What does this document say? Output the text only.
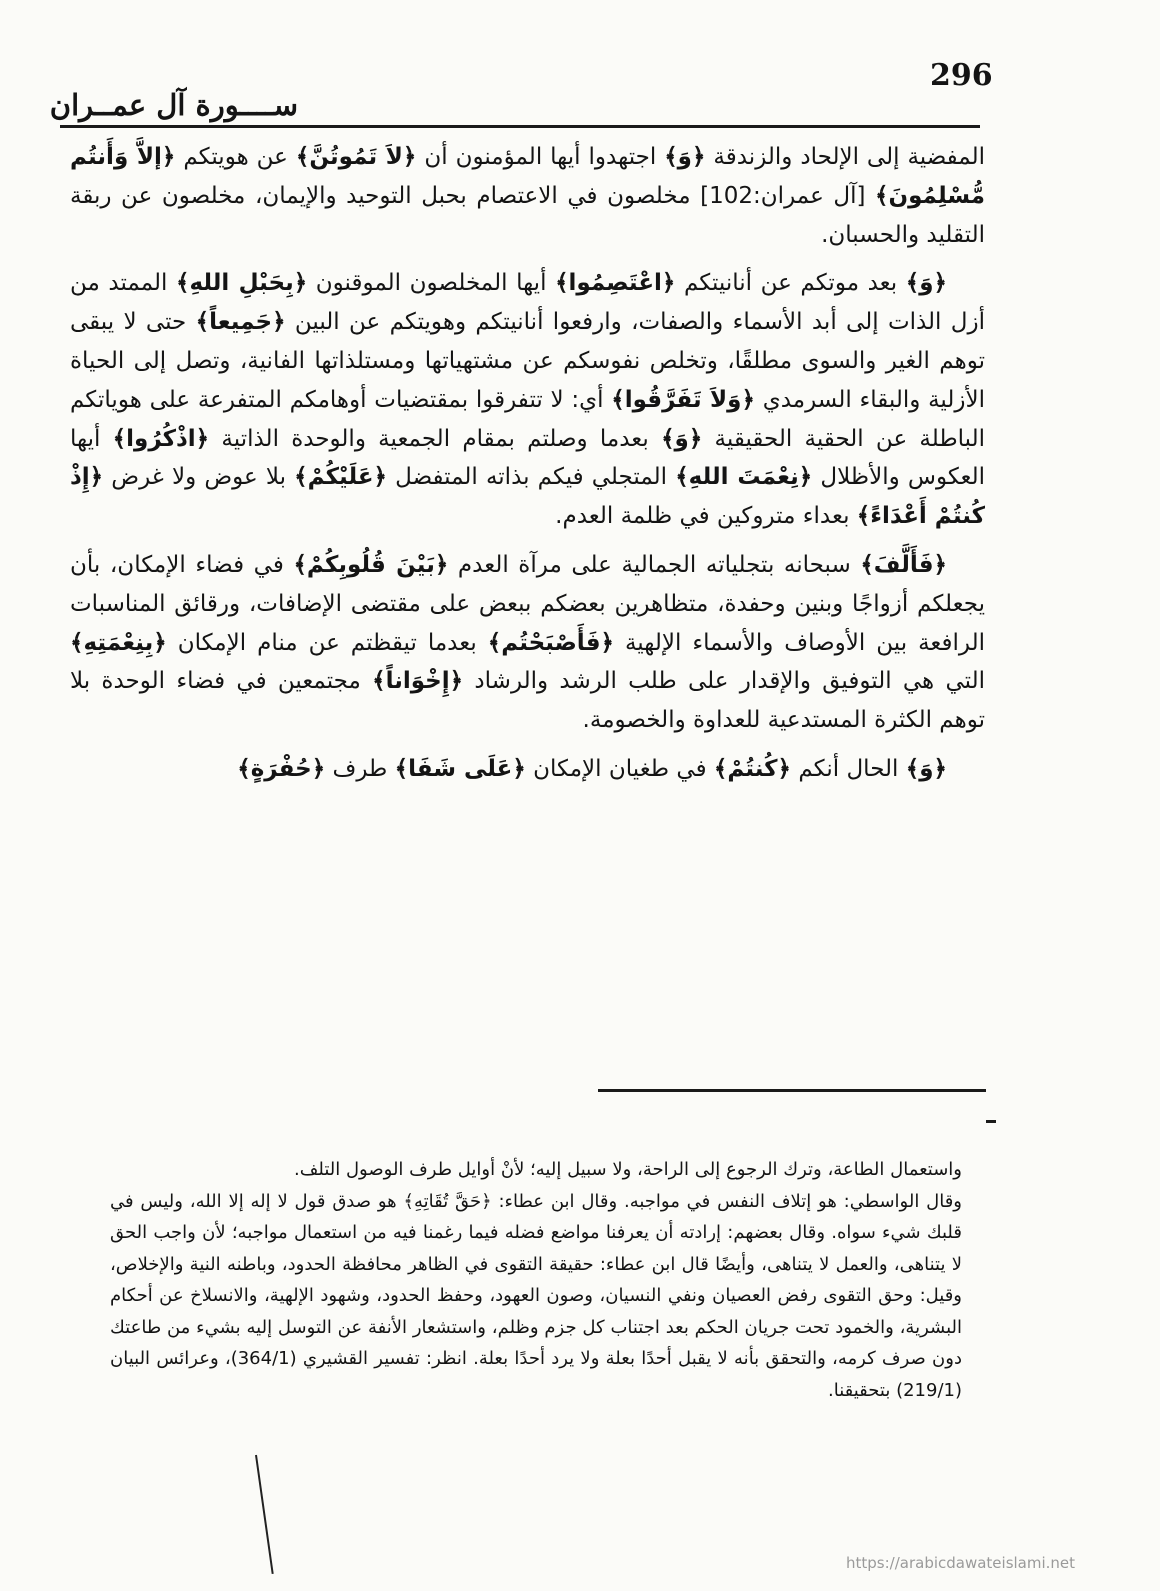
296
ســــورة آل عمــران

المفضية إلى الإلحاد والزندقة ﴿وَ﴾ اجتهدوا أيها المؤمنون أن ﴿لاَ تَمُوتُنَّ﴾ عن هويتكم ﴿إلاَّ وَأَنتُم مُّسْلِمُونَ﴾ [آل عمران:102] مخلصون في الاعتصام بحبل التوحيد والإيمان، مخلصون عن ربقة التقليد والحسبان.

﴿وَ﴾ بعد موتكم عن أنانيتكم ﴿اعْتَصِمُوا﴾ أيها المخلصون الموقنون ﴿بِحَبْلِ اللهِ﴾ الممتد من أزل الذات إلى أبد الأسماء والصفات، وارفعوا أنانيتكم وهويتكم عن البين ﴿جَمِيعاً﴾ حتى لا يبقى توهم الغير والسوى مطلقًا، وتخلص نفوسكم عن مشتهياتها ومستلذاتها الفانية، وتصل إلى الحياة الأزلية والبقاء السرمدي ﴿وَلاَ تَفَرَّقُوا﴾ أي: لا تتفرقوا بمقتضيات أوهامكم المتفرعة على هوياتكم الباطلة عن الحقية الحقيقية ﴿وَ﴾ بعدما وصلتم بمقام الجمعية والوحدة الذاتية ﴿اذْكُرُوا﴾ أيها العكوس والأظلال ﴿نِعْمَتَ اللهِ﴾ المتجلي فيكم بذاته المتفضل ﴿عَلَيْكُمْ﴾ بلا عوض ولا غرض ﴿إِذْ كُنتُمْ أَعْدَاءً﴾ بعداء متروكين في ظلمة العدم.

﴿فَأَلَّفَ﴾ سبحانه بتجلياته الجمالية على مرآة العدم ﴿بَيْنَ قُلُوبِكُمْ﴾ في فضاء الإمكان، بأن يجعلكم أزواجًا وبنين وحفدة، متظاهرين بعضكم ببعض على مقتضى الإضافات، ورقائق المناسبات الرافعة بين الأوصاف والأسماء الإلهية ﴿فَأَصْبَحْتُم﴾ بعدما تيقظتم عن منام الإمكان ﴿بِنِعْمَتِهِ﴾ التي هي التوفيق والإقدار على طلب الرشد والرشاد ﴿إِخْوَاناً﴾ مجتمعين في فضاء الوحدة بلا توهم الكثرة المستدعية للعداوة والخصومة.

﴿وَ﴾ الحال أنكم ﴿كُنتُمْ﴾ في طغيان الإمكان ﴿عَلَى شَفَا﴾ طرف ﴿حُفْرَةٍ﴾

واستعمال الطاعة، وترك الرجوع إلى الراحة، ولا سبيل إليه؛ لأنْ أوايل طرف الوصول التلف.

وقال الواسطي: هو إتلاف النفس في مواجبه. وقال ابن عطاء: ﴿حَقَّ تُقَاتِهِ﴾ هو صدق قول لا إله إلا الله، وليس في قلبك شيء سواه. وقال بعضهم: إرادته أن يعرفنا مواضع فضله فيما رغمنا فيه من استعمال مواجبه؛ لأن واجب الحق لا يتناهى، والعمل لا يتناهى، وأيضًا قال ابن عطاء: حقيقة التقوى في الظاهر محافظة الحدود، وباطنه النية والإخلاص، وقيل: وحق التقوى رفض العصيان ونفي النسيان، وصون العهود، وحفظ الحدود، وشهود الإلهية، والانسلاخ عن أحكام البشرية، والخمود تحت جريان الحكم بعد اجتناب كل جزم وظلم، واستشعار الأنفة عن التوسل إليه بشيء من طاعتك دون صرف كرمه، والتحقق بأنه لا يقبل أحدًا بعلة ولا يرد أحدًا بعلة. انظر: تفسير القشيري (364/1)، وعرائس البيان (219/1) بتحقيقنا.

https://arabicdawateislami.net
